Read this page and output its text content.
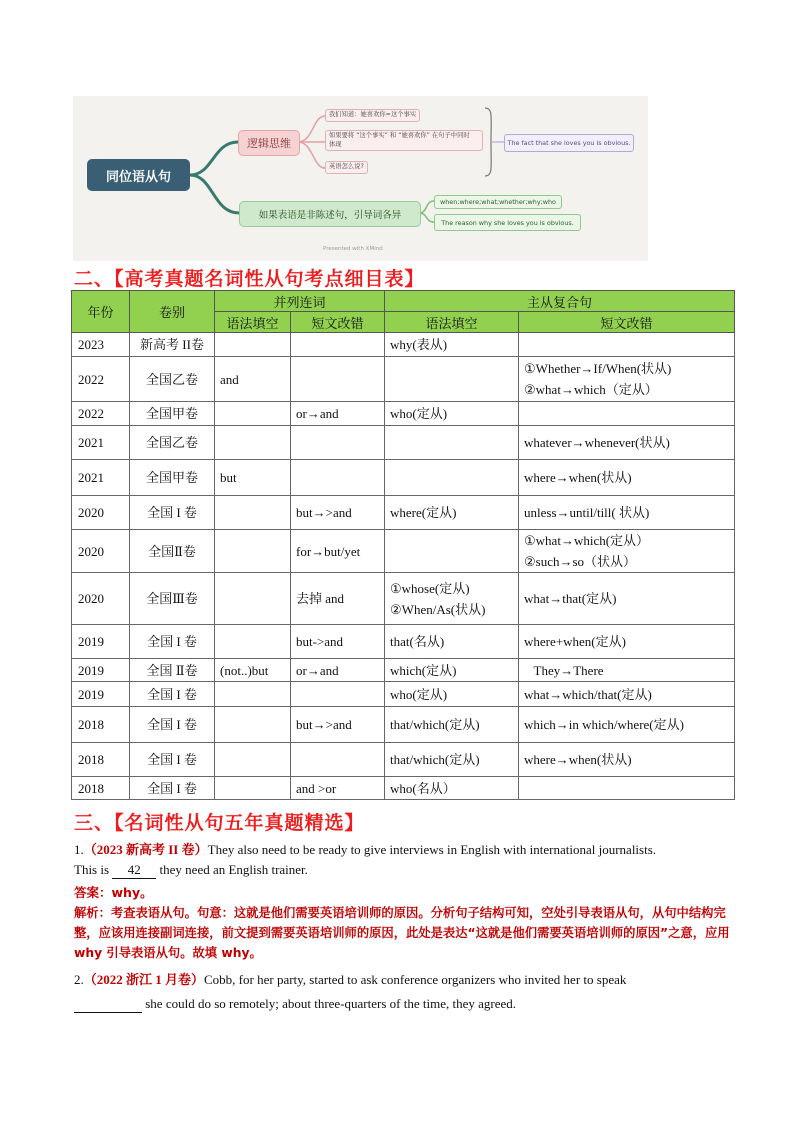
同位语从句
逻辑思维
我们知道：她喜欢你=这个事实
如果要将 “这个事实” 和 “她喜欢你” 在句子中同时
体现
英语怎么说?
The fact that she loves you is obvious.
如果表语是非陈述句，引导词各异
when;where;what;whether;why;who
The reason why she loves you is obvious.
Presented with XMind
二、【高考真题名词性从句考点细目表】
年份	卷别	并列连词		主从复合句	
		语法填空	短文改错	语法填空	短文改错
2023	新高考 II卷			why(表从)	
2022	全国乙卷	and			①Whether→If/When(状从)
②what→which（定从）

2022	全国甲卷		or→and	who(定从)	
2021	全国乙卷				whatever→whenever(状从)
2021	全国甲卷	but			where→when(状从)
2020	全国 I 卷		but→>and	where(定从)	unless→until/till( 状从)
2020	全国Ⅱ卷		for→but/yet		①what→which(定从）
②such→so（状从）

2020	全国Ⅲ卷		去掉 and	①whose(定从)
②When/As(状从)	what→that(定从)
2019	全国 I 卷		but->and	that(名从)	where+when(定从)
2019	全国 Ⅱ卷	(not..)but	or→and	which(定从)	They→There
2019	全国 I 卷			who(定从)	what→which/that(定从)
2018	全国 I 卷		but→>and	that/which(定从)	which→in which/where(定从)
2018	全国 I 卷			that/which(定从)	where→when(状从)
2018	全国 I 卷		and >or	who(名从）	
三、【名词性从句五年真题精选】
1.（2023 新高考 II 卷）They also need to be ready to give interviews in English with international journalists.
This is 42 they need an English trainer.
答案：why。
解析：考查表语从句。句意：这就是他们需要英语培训师的原因。分析句子结构可知，空处引导表语从句，从句中结构完整，应该用连接副词连接，前文提到需要英语培训师的原因，此处是表达“这就是他们需要英语培训师的原因”之意，应用 why 引导表语从句。故填 why。
2.（2022 浙江 1 月卷）Cobb, for her party, started to ask conference organizers who invited her to speak
she could do so remotely; about three-quarters of the time, they agreed.
